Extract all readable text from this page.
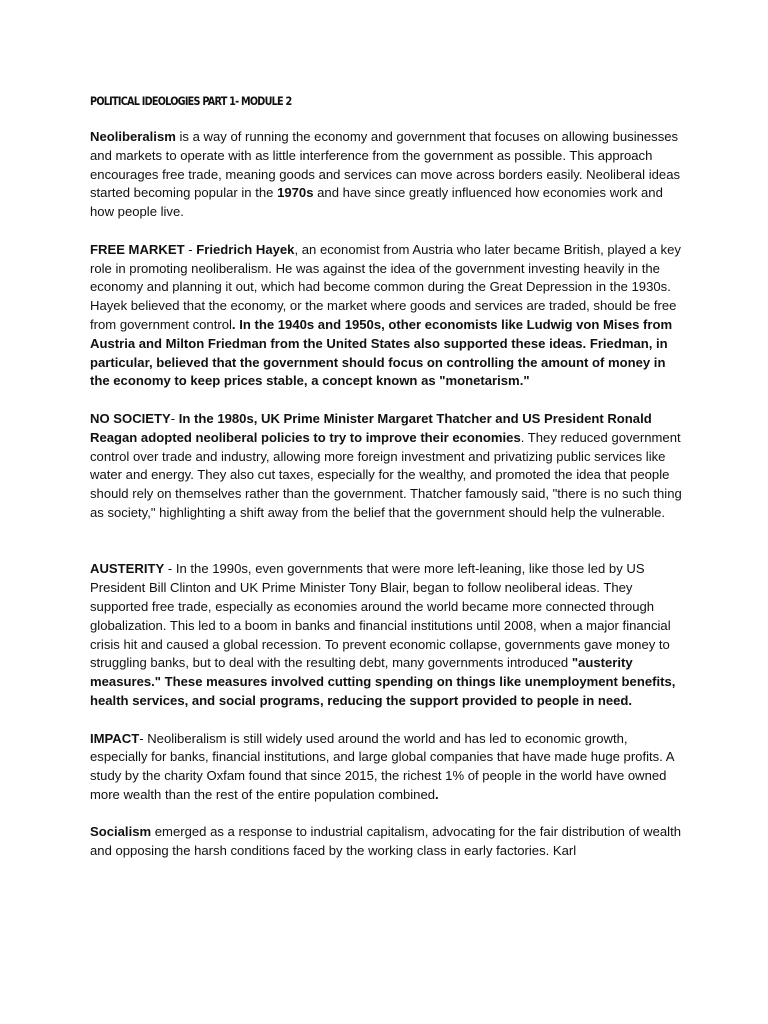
POLITICAL IDEOLOGIES PART 1- MODULE 2

Neoliberalism is a way of running the economy and government that focuses on allowing businesses and markets to operate with as little interference from the government as possible. This approach encourages free trade, meaning goods and services can move across borders easily. Neoliberal ideas started becoming popular in the 1970s and have since greatly influenced how economies work and how people live.

FREE MARKET - Friedrich Hayek, an economist from Austria who later became British, played a key role in promoting neoliberalism. He was against the idea of the government investing heavily in the economy and planning it out, which had become common during the Great Depression in the 1930s. Hayek believed that the economy, or the market where goods and services are traded, should be free from government control. In the 1940s and 1950s, other economists like Ludwig von Mises from Austria and Milton Friedman from the United States also supported these ideas. Friedman, in particular, believed that the government should focus on controlling the amount of money in the economy to keep prices stable, a concept known as "monetarism."

NO SOCIETY- In the 1980s, UK Prime Minister Margaret Thatcher and US President Ronald Reagan adopted neoliberal policies to try to improve their economies. They reduced government control over trade and industry, allowing more foreign investment and privatizing public services like water and energy. They also cut taxes, especially for the wealthy, and promoted the idea that people should rely on themselves rather than the government. Thatcher famously said, "there is no such thing as society," highlighting a shift away from the belief that the government should help the vulnerable.

AUSTERITY - In the 1990s, even governments that were more left-leaning, like those led by US President Bill Clinton and UK Prime Minister Tony Blair, began to follow neoliberal ideas. They supported free trade, especially as economies around the world became more connected through globalization. This led to a boom in banks and financial institutions until 2008, when a major financial crisis hit and caused a global recession. To prevent economic collapse, governments gave money to struggling banks, but to deal with the resulting debt, many governments introduced "austerity measures." These measures involved cutting spending on things like unemployment benefits, health services, and social programs, reducing the support provided to people in need.

IMPACT- Neoliberalism is still widely used around the world and has led to economic growth, especially for banks, financial institutions, and large global companies that have made huge profits. A study by the charity Oxfam found that since 2015, the richest 1% of people in the world have owned more wealth than the rest of the entire population combined.

Socialism emerged as a response to industrial capitalism, advocating for the fair distribution of wealth and opposing the harsh conditions faced by the working class in early factories. Karl
